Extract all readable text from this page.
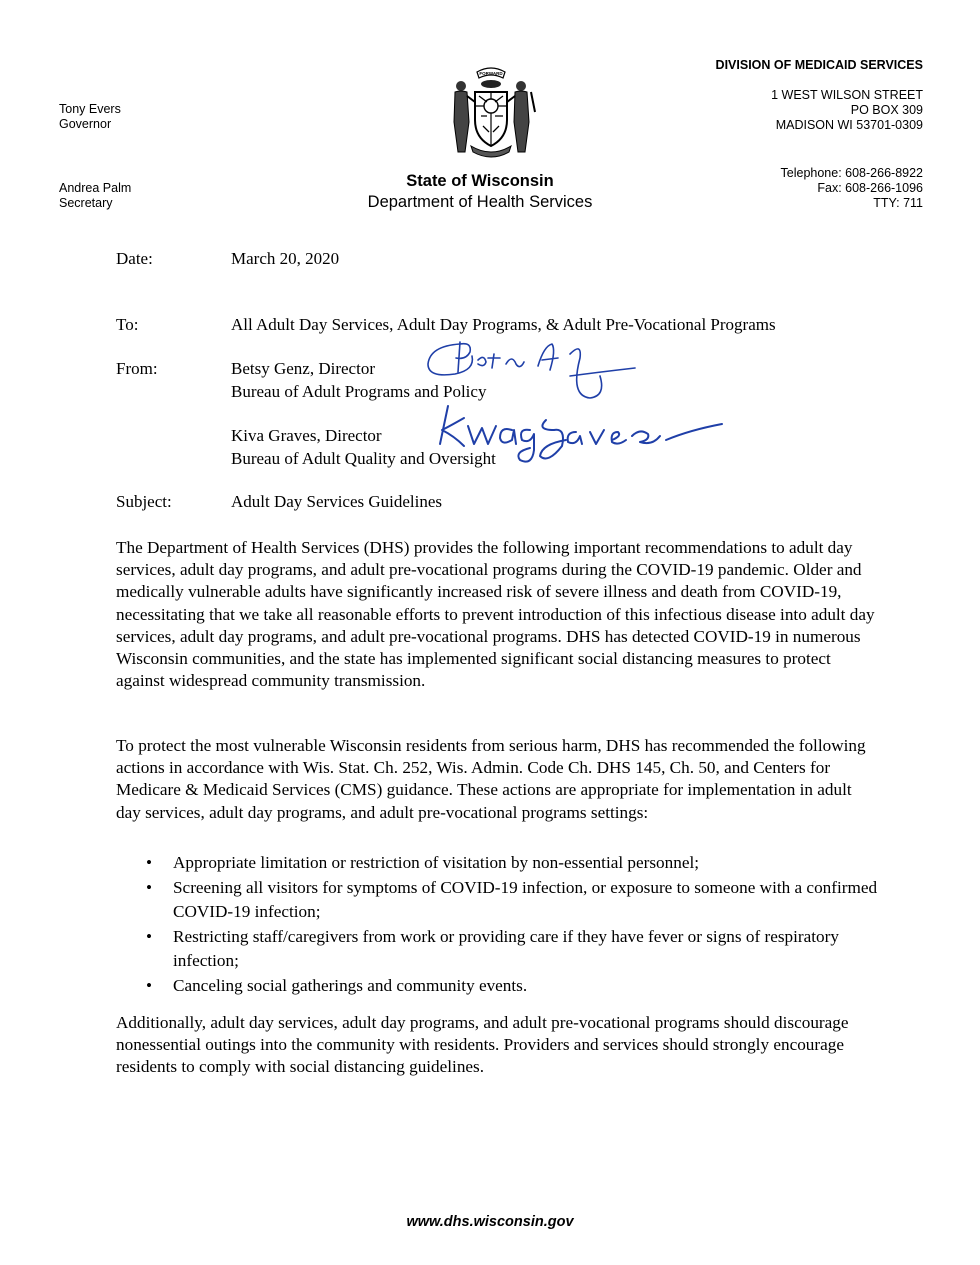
Tony Evers
Governor
Andrea Palm
Secretary
FORWARD
State of Wisconsin
Department of Health Services
DIVISION OF MEDICAID SERVICES
1 WEST WILSON STREET
PO BOX 309
MADISON WI 53701-0309
Telephone: 608-266-8922
Fax: 608-266-1096
TTY: 711
Date:	March 20, 2020
To:	All Adult Day Services, Adult Day Programs, & Adult Pre-Vocational Programs
From:	Betsy Genz, Director
Bureau of Adult Programs and Policy
Kiva Graves, Director
Bureau of Adult Quality and Oversight
Subject:	Adult Day Services Guidelines

The Department of Health Services (DHS) provides the following important recommendations to adult day services, adult day programs, and adult pre-vocational programs during the COVID-19 pandemic. Older and medically vulnerable adults have significantly increased risk of severe illness and death from COVID-19, necessitating that we take all reasonable efforts to prevent introduction of this infectious disease into adult day services, adult day programs, and adult pre-vocational programs. DHS has detected COVID-19 in numerous Wisconsin communities, and the state has implemented significant social distancing measures to protect against widespread community transmission.

To protect the most vulnerable Wisconsin residents from serious harm, DHS has recommended the following actions in accordance with Wis. Stat. Ch. 252, Wis. Admin. Code Ch. DHS 145, Ch. 50, and Centers for Medicare & Medicaid Services (CMS) guidance. These actions are appropriate for implementation in adult day services, adult day programs, and adult pre-vocational programs settings:

• Appropriate limitation or restriction of visitation by non-essential personnel;
• Screening all visitors for symptoms of COVID-19 infection, or exposure to someone with a confirmed COVID-19 infection;
• Restricting staff/caregivers from work or providing care if they have fever or signs of respiratory infection;
• Canceling social gatherings and community events.

Additionally, adult day services, adult day programs, and adult pre-vocational programs should discourage nonessential outings into the community with residents. Providers and services should strongly encourage residents to comply with social distancing guidelines.

www.dhs.wisconsin.gov
